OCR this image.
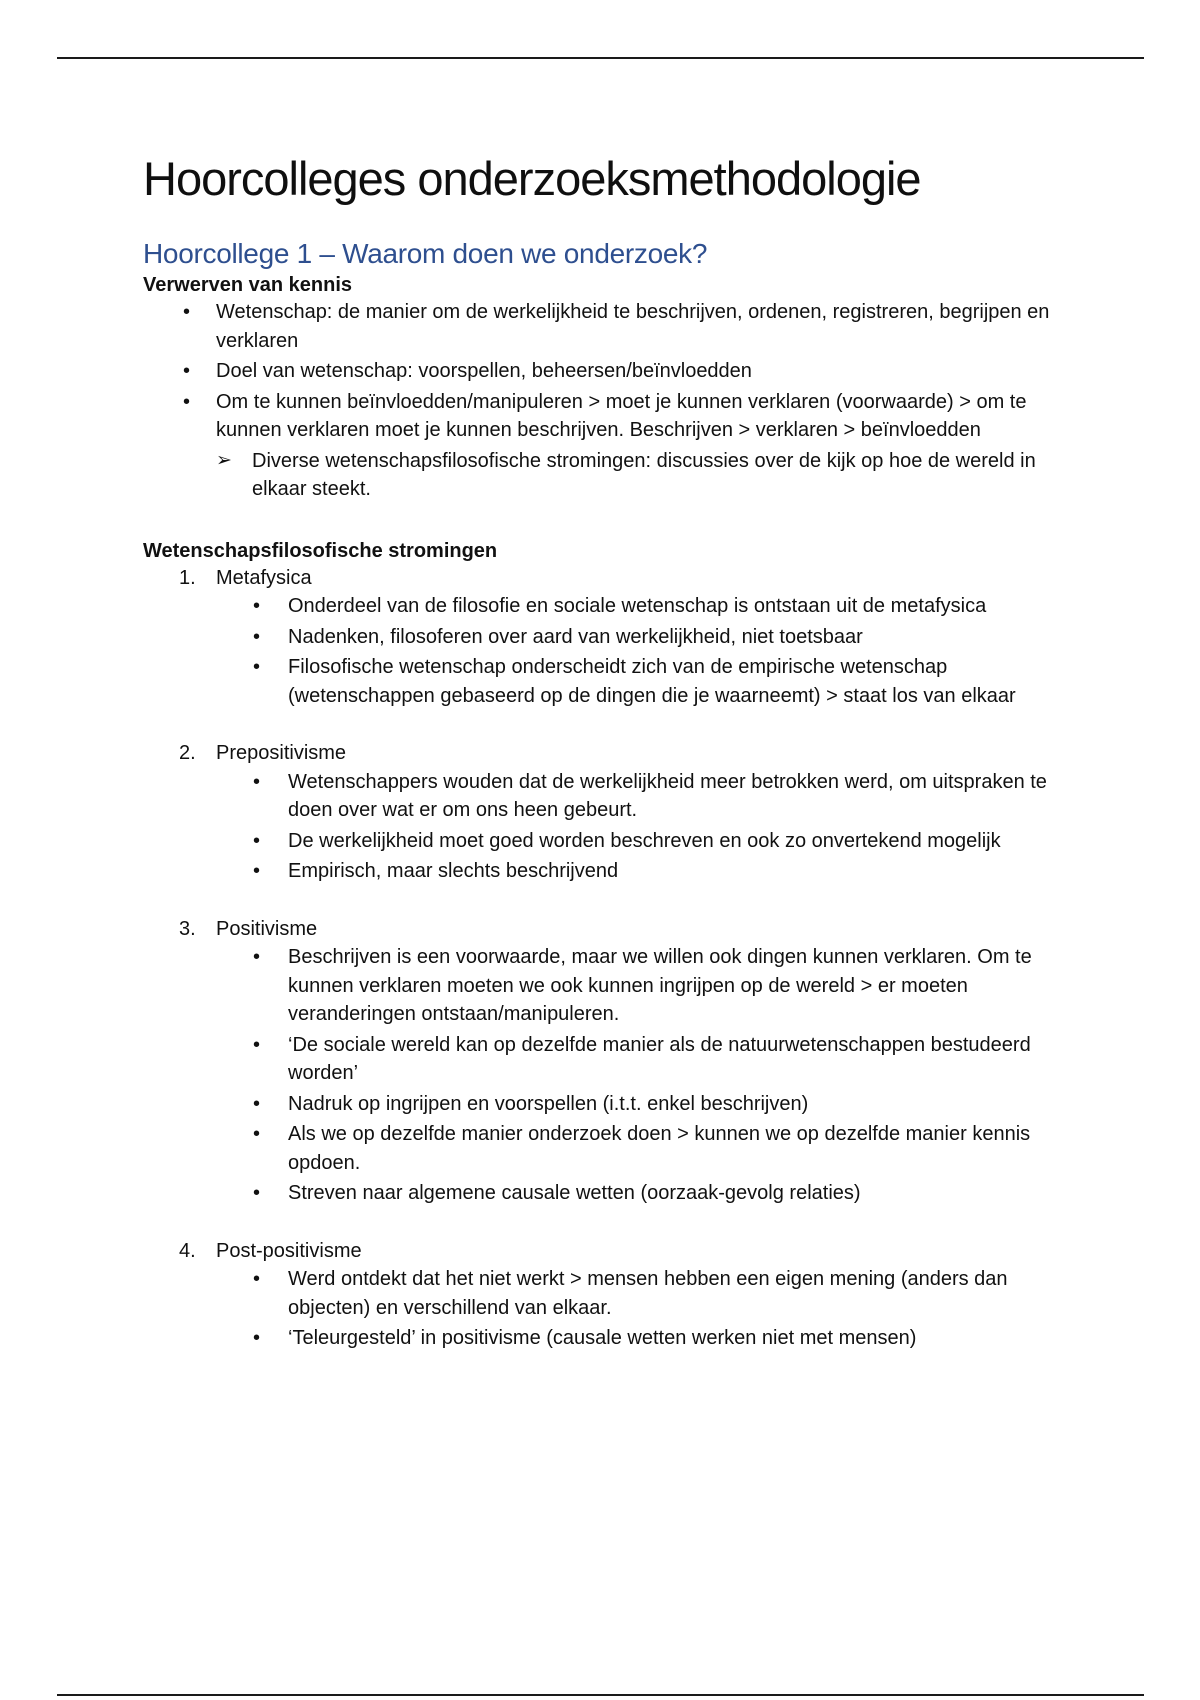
Hoorcolleges onderzoeksmethodologie
Hoorcollege 1 – Waarom doen we onderzoek?

Verwerven van kennis

• Wetenschap: de manier om de werkelijkheid te beschrijven, ordenen, registreren, begrijpen en verklaren
• Doel van wetenschap: voorspellen, beheersen/beïnvloedden
• Om te kunnen beïnvloedden/manipuleren > moet je kunnen verklaren (voorwaarde) > om te kunnen verklaren moet je kunnen beschrijven. Beschrijven > verklaren > beïnvloedden
➢ Diverse wetenschapsfilosofische stromingen: discussies over de kijk op hoe de wereld in elkaar steekt.

Wetenschapsfilosofische stromingen

1. Metafysica
• Onderdeel van de filosofie en sociale wetenschap is ontstaan uit de metafysica
• Nadenken, filosoferen over aard van werkelijkheid, niet toetsbaar
• Filosofische wetenschap onderscheidt zich van de empirische wetenschap (wetenschappen gebaseerd op de dingen die je waarneemt) > staat los van elkaar
2. Prepositivisme
• Wetenschappers wouden dat de werkelijkheid meer betrokken werd, om uitspraken te doen over wat er om ons heen gebeurt.
• De werkelijkheid moet goed worden beschreven en ook zo onvertekend mogelijk
• Empirisch, maar slechts beschrijvend
3. Positivisme
• Beschrijven is een voorwaarde, maar we willen ook dingen kunnen verklaren. Om te kunnen verklaren moeten we ook kunnen ingrijpen op de wereld > er moeten veranderingen ontstaan/manipuleren.
• ‘De sociale wereld kan op dezelfde manier als de natuurwetenschappen bestudeerd worden’
• Nadruk op ingrijpen en voorspellen (i.t.t. enkel beschrijven)
• Als we op dezelfde manier onderzoek doen > kunnen we op dezelfde manier kennis opdoen.
• Streven naar algemene causale wetten (oorzaak-gevolg relaties)
4. Post-positivisme
• Werd ontdekt dat het niet werkt > mensen hebben een eigen mening (anders dan objecten) en verschillend van elkaar.
• ‘Teleurgesteld’ in positivisme (causale wetten werken niet met mensen)
